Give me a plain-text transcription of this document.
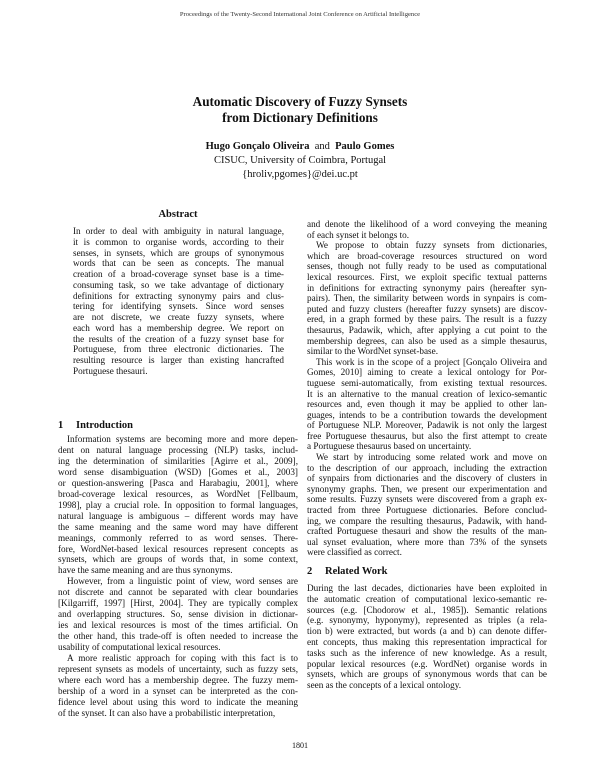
Proceedings of the Twenty-Second International Joint Conference on Artificial Intelligence
Automatic Discovery of Fuzzy Synsets
from Dictionary Definitions
Hugo Gonçalo Oliveira and Paulo Gomes
CISUC, University of Coimbra, Portugal
{hroliv,pgomes}@dei.uc.pt
Abstract
In order to deal with ambiguity in natural language,
it is common to organise words, according to their
senses, in synsets, which are groups of synonymous
words that can be seen as concepts. The manual
creation of a broad-coverage synset base is a time-
consuming task, so we take advantage of dictionary
definitions for extracting synonymy pairs and clus-
tering for identifying synsets. Since word senses
are not discrete, we create fuzzy synsets, where
each word has a membership degree. We report on
the results of the creation of a fuzzy synset base for
Portuguese, from three electronic dictionaries. The
resulting resource is larger than existing hancrafted
Portuguese thesauri.
1 Introduction
Information systems are becoming more and more depen-
dent on natural language processing (NLP) tasks, includ-
ing the determination of similarities [Agirre et al., 2009],
word sense disambiguation (WSD) [Gomes et al., 2003]
or question-answering [Pasca and Harabagiu, 2001], where
broad-coverage lexical resources, as WordNet [Fellbaum,
1998], play a crucial role. In opposition to formal languages,
natural language is ambiguous – different words may have
the same meaning and the same word may have different
meanings, commonly referred to as word senses. There-
fore, WordNet-based lexical resources represent concepts as
synsets, which are groups of words that, in some context,
have the same meaning and are thus synonyms.
However, from a linguistic point of view, word senses are
not discrete and cannot be separated with clear boundaries
[Kilgarriff, 1997] [Hirst, 2004]. They are typically complex
and overlapping structures. So, sense division in dictionar-
ies and lexical resources is most of the times artificial. On
the other hand, this trade-off is often needed to increase the
usability of computational lexical resources.
A more realistic approach for coping with this fact is to
represent synsets as models of uncertainty, such as fuzzy sets,
where each word has a membership degree. The fuzzy mem-
bership of a word in a synset can be interpreted as the con-
fidence level about using this word to indicate the meaning
of the synset. It can also have a probabilistic interpretation,
and denote the likelihood of a word conveying the meaning
of each synset it belongs to.
We propose to obtain fuzzy synsets from dictionaries,
which are broad-coverage resources structured on word
senses, though not fully ready to be used as computational
lexical resources. First, we exploit specific textual patterns
in definitions for extracting synonymy pairs (hereafter syn-
pairs). Then, the similarity between words in synpairs is com-
puted and fuzzy clusters (hereafter fuzzy synsets) are discov-
ered, in a graph formed by these pairs. The result is a fuzzy
thesaurus, Padawik, which, after applying a cut point to the
membership degrees, can also be used as a simple thesaurus,
similar to the WordNet synset-base.
This work is in the scope of a project [Gonçalo Oliveira and
Gomes, 2010] aiming to create a lexical ontology for Por-
tuguese semi-automatically, from existing textual resources.
It is an alternative to the manual creation of lexico-semantic
resources and, even though it may be applied to other lan-
guages, intends to be a contribution towards the development
of Portuguese NLP. Moreover, Padawik is not only the largest
free Portuguese thesaurus, but also the first attempt to create
a Portuguese thesaurus based on uncertainty.
We start by introducing some related work and move on
to the description of our approach, including the extraction
of synpairs from dictionaries and the discovery of clusters in
synonymy graphs. Then, we present our experimentation and
some results. Fuzzy synsets were discovered from a graph ex-
tracted from three Portuguese dictionaries. Before conclud-
ing, we compare the resulting thesaurus, Padawik, with hand-
crafted Portuguese thesauri and show the results of the man-
ual synset evaluation, where more than 73% of the synsets
were classified as correct.
2 Related Work
During the last decades, dictionaries have been exploited in
the automatic creation of computational lexico-semantic re-
sources (e.g. [Chodorow et al., 1985]). Semantic relations
(e.g. synonymy, hyponymy), represented as triples (a rela-
tion b) were extracted, but words (a and b) can denote differ-
ent concepts, thus making this representation impractical for
tasks such as the inference of new knowledge. As a result,
popular lexical resources (e.g. WordNet) organise words in
synsets, which are groups of synonymous words that can be
seen as the concepts of a lexical ontology.
1801
